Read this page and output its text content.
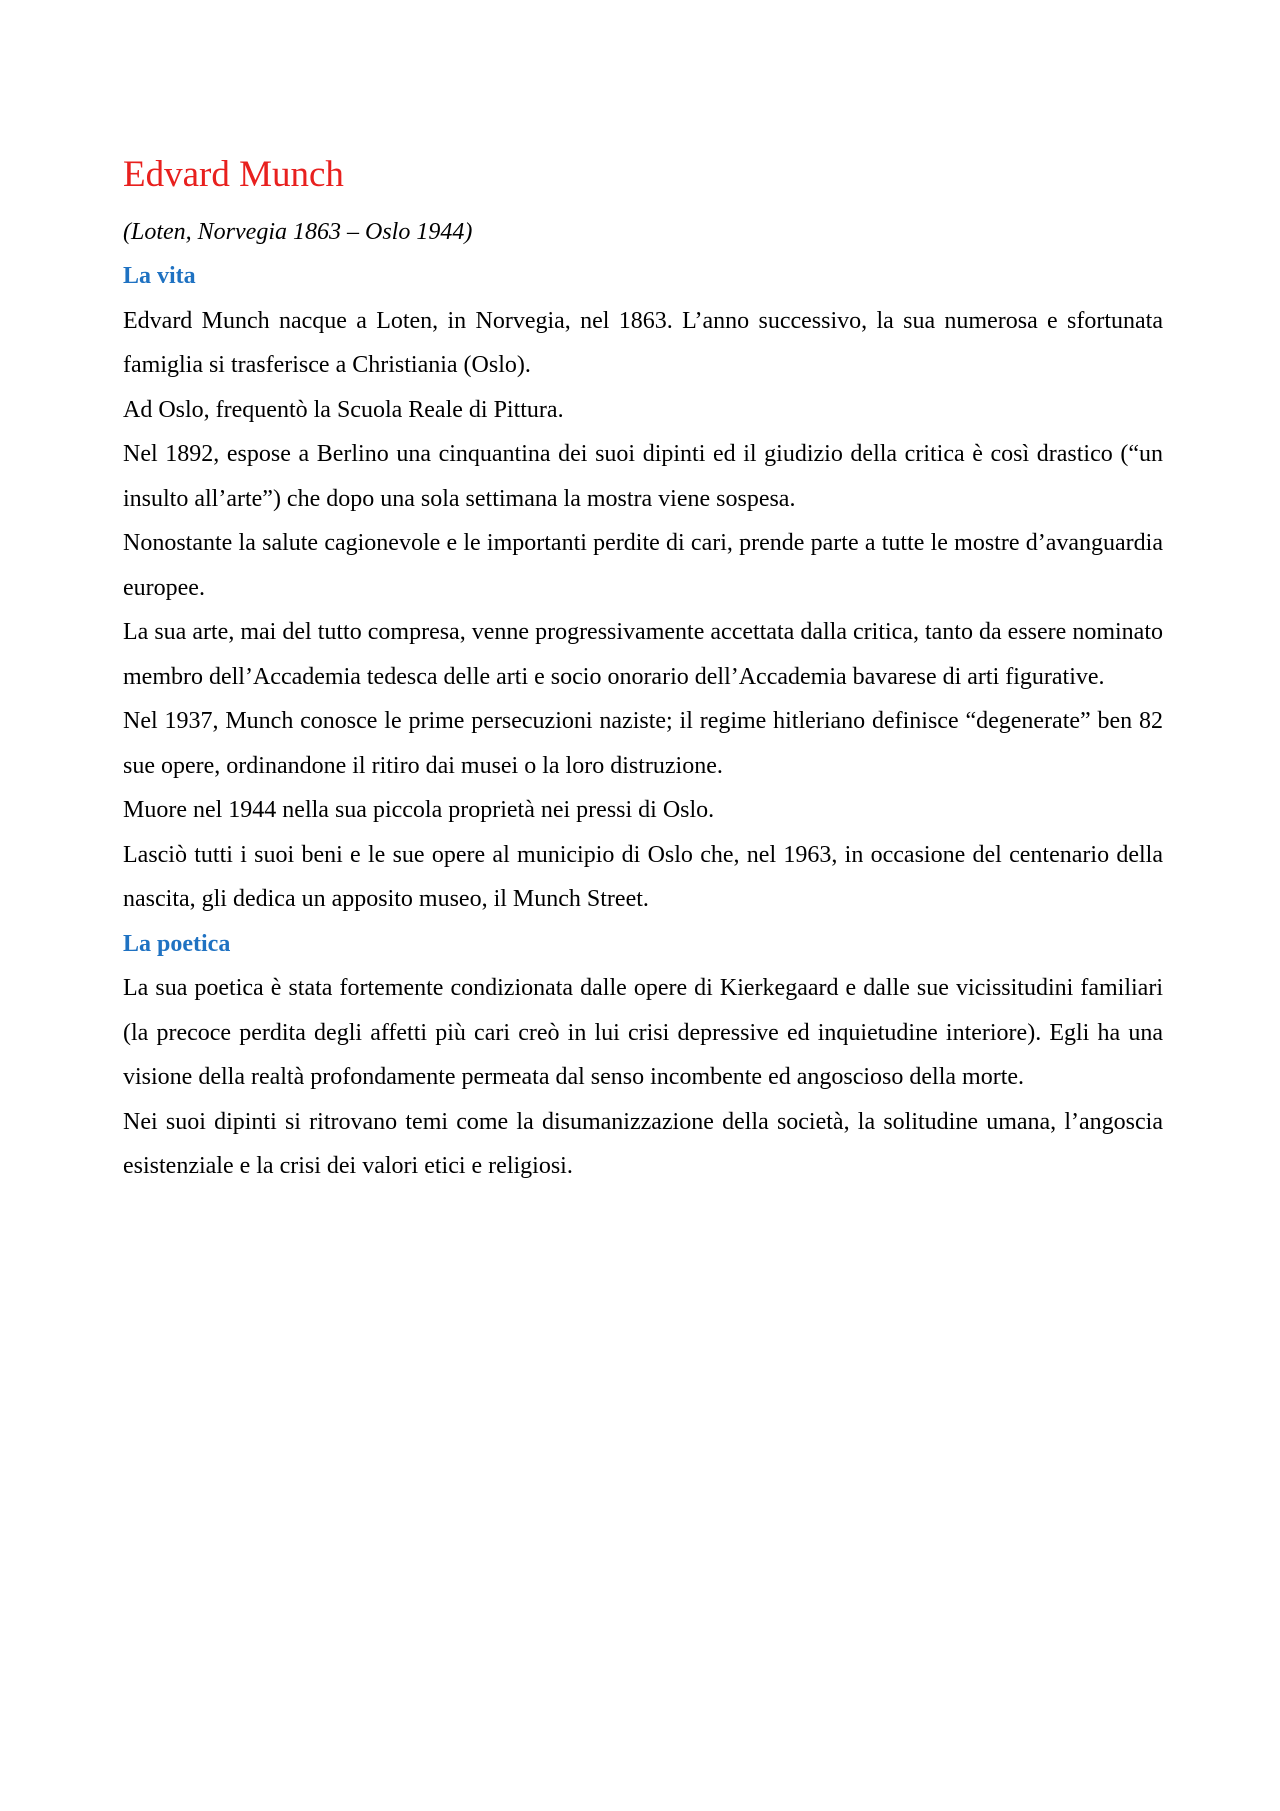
Edvard Munch

(Loten, Norvegia 1863 – Oslo 1944)

La vita

Edvard Munch nacque a Loten, in Norvegia, nel 1863. L’anno successivo, la sua numerosa e sfortunata famiglia si trasferisce a Christiania (Oslo).

Ad Oslo, frequentò la Scuola Reale di Pittura.

Nel 1892, espose a Berlino una cinquantina dei suoi dipinti ed il giudizio della critica è così drastico (“un insulto all’arte”) che dopo una sola settimana la mostra viene sospesa.

Nonostante la salute cagionevole e le importanti perdite di cari, prende parte a tutte le mostre d’avanguardia europee.

La sua arte, mai del tutto compresa, venne progressivamente accettata dalla critica, tanto da essere nominato membro dell’Accademia tedesca delle arti e socio onorario dell’Accademia bavarese di arti figurative.

Nel 1937, Munch conosce le prime persecuzioni naziste; il regime hitleriano definisce “degenerate” ben 82 sue opere, ordinandone il ritiro dai musei o la loro distruzione.

Muore nel 1944 nella sua piccola proprietà nei pressi di Oslo.

Lasciò tutti i suoi beni e le sue opere al municipio di Oslo che, nel 1963, in occasione del centenario della nascita, gli dedica un apposito museo, il Munch Street.

La poetica

La sua poetica è stata fortemente condizionata dalle opere di Kierkegaard e dalle sue vicissitudini familiari (la precoce perdita degli affetti più cari creò in lui crisi depressive ed inquietudine interiore). Egli ha una visione della realtà profondamente permeata dal senso incombente ed angoscioso della morte.

Nei suoi dipinti si ritrovano temi come la disumanizzazione della società, la solitudine umana, l’angoscia esistenziale e la crisi dei valori etici e religiosi.
